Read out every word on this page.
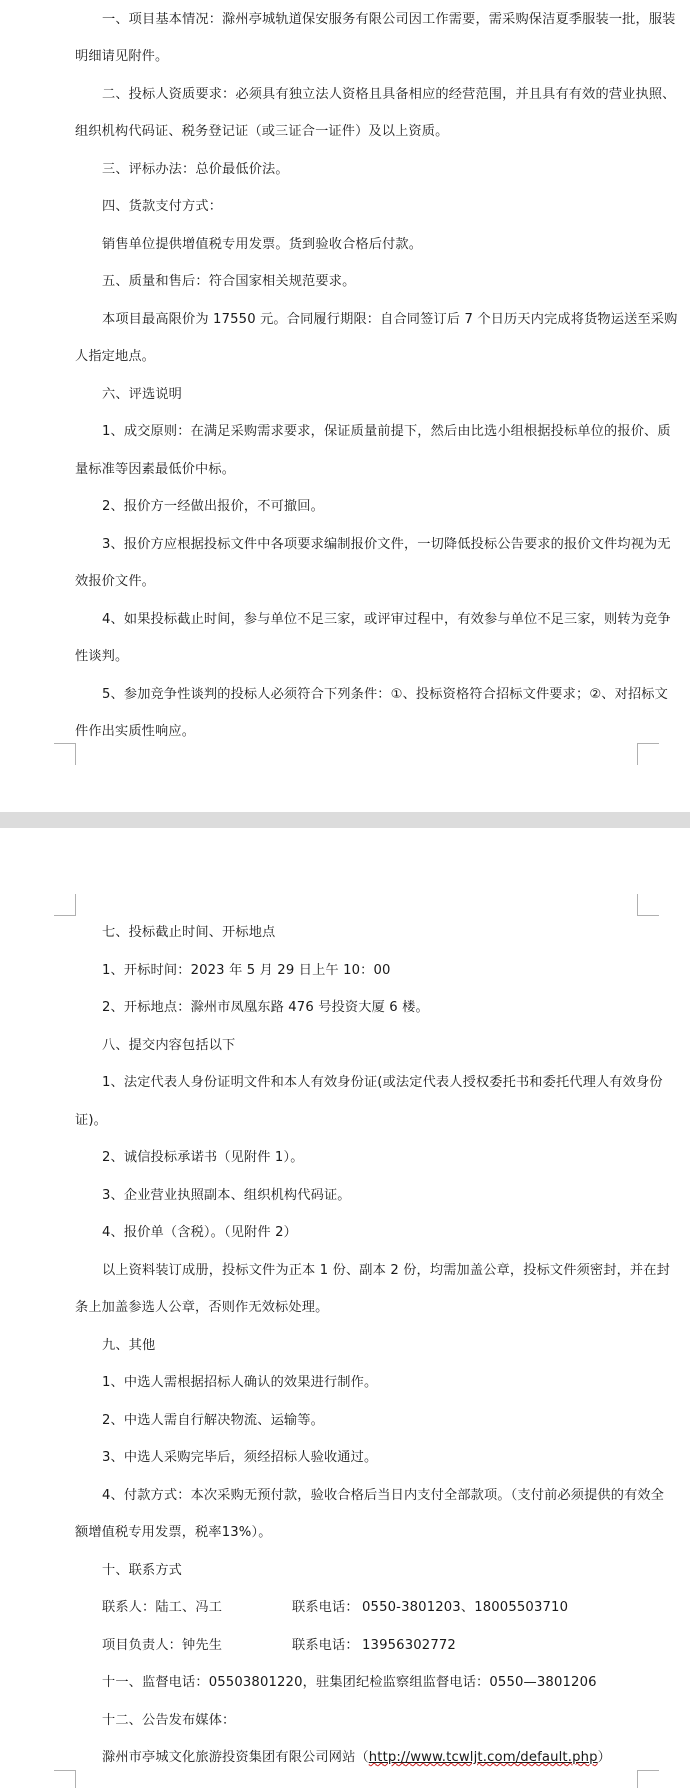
一、项目基本情况：滁州亭城轨道保安服务有限公司因工作需要，需采购保洁夏季服装一批，服装
明细请见附件。
二、投标人资质要求：必须具有独立法人资格且具备相应的经营范围，并且具有有效的营业执照、
组织机构代码证、税务登记证（或三证合一证件）及以上资质。
三、评标办法：总价最低价法。
四、货款支付方式：
销售单位提供增值税专用发票。货到验收合格后付款。
五、质量和售后：符合国家相关规范要求。
本项目最高限价为 17550 元。合同履行期限：自合同签订后 7 个日历天内完成将货物运送至采购
人指定地点。
六、评选说明
1、成交原则：在满足采购需求要求，保证质量前提下，然后由比选小组根据投标单位的报价、质
量标准等因素最低价中标。
2、报价方一经做出报价，不可撤回。
3、报价方应根据投标文件中各项要求编制报价文件，一切降低投标公告要求的报价文件均视为无
效报价文件。
4、如果投标截止时间，参与单位不足三家，或评审过程中，有效参与单位不足三家，则转为竞争
性谈判。
5、参加竞争性谈判的投标人必须符合下列条件：①、投标资格符合招标文件要求；②、对招标文
件作出实质性响应。
七、投标截止时间、开标地点
1、开标时间：2023 年 5 月 29 日上午 10：00
2、开标地点：滁州市凤凰东路 476 号投资大厦 6 楼。
八、提交内容包括以下
1、法定代表人身份证明文件和本人有效身份证(或法定代表人授权委托书和委托代理人有效身份
证)。
2、诚信投标承诺书（见附件 1）。
3、企业营业执照副本、组织机构代码证。
4、报价单（含税）。（见附件 2）
以上资料装订成册，投标文件为正本 1 份、副本 2 份，均需加盖公章，投标文件须密封，并在封
条上加盖参选人公章，否则作无效标处理。
九、其他
1、中选人需根据招标人确认的效果进行制作。
2、中选人需自行解决物流、运输等。
3、中选人采购完毕后，须经招标人验收通过。
4、付款方式：本次采购无预付款，验收合格后当日内支付全部款项。（支付前必须提供的有效全
额增值税专用发票，税率13%）。
十、联系方式
联系人：陆工、冯工	联系电话： 0550-3801203、18005503710
项目负责人：钟先生	联系电话： 13956302772
十一、监督电话：05503801220，驻集团纪检监察组监督电话：0550—3801206
十二、公告发布媒体：
滁州市亭城文化旅游投资集团有限公司网站（http://www.tcwljt.com/default.php）
